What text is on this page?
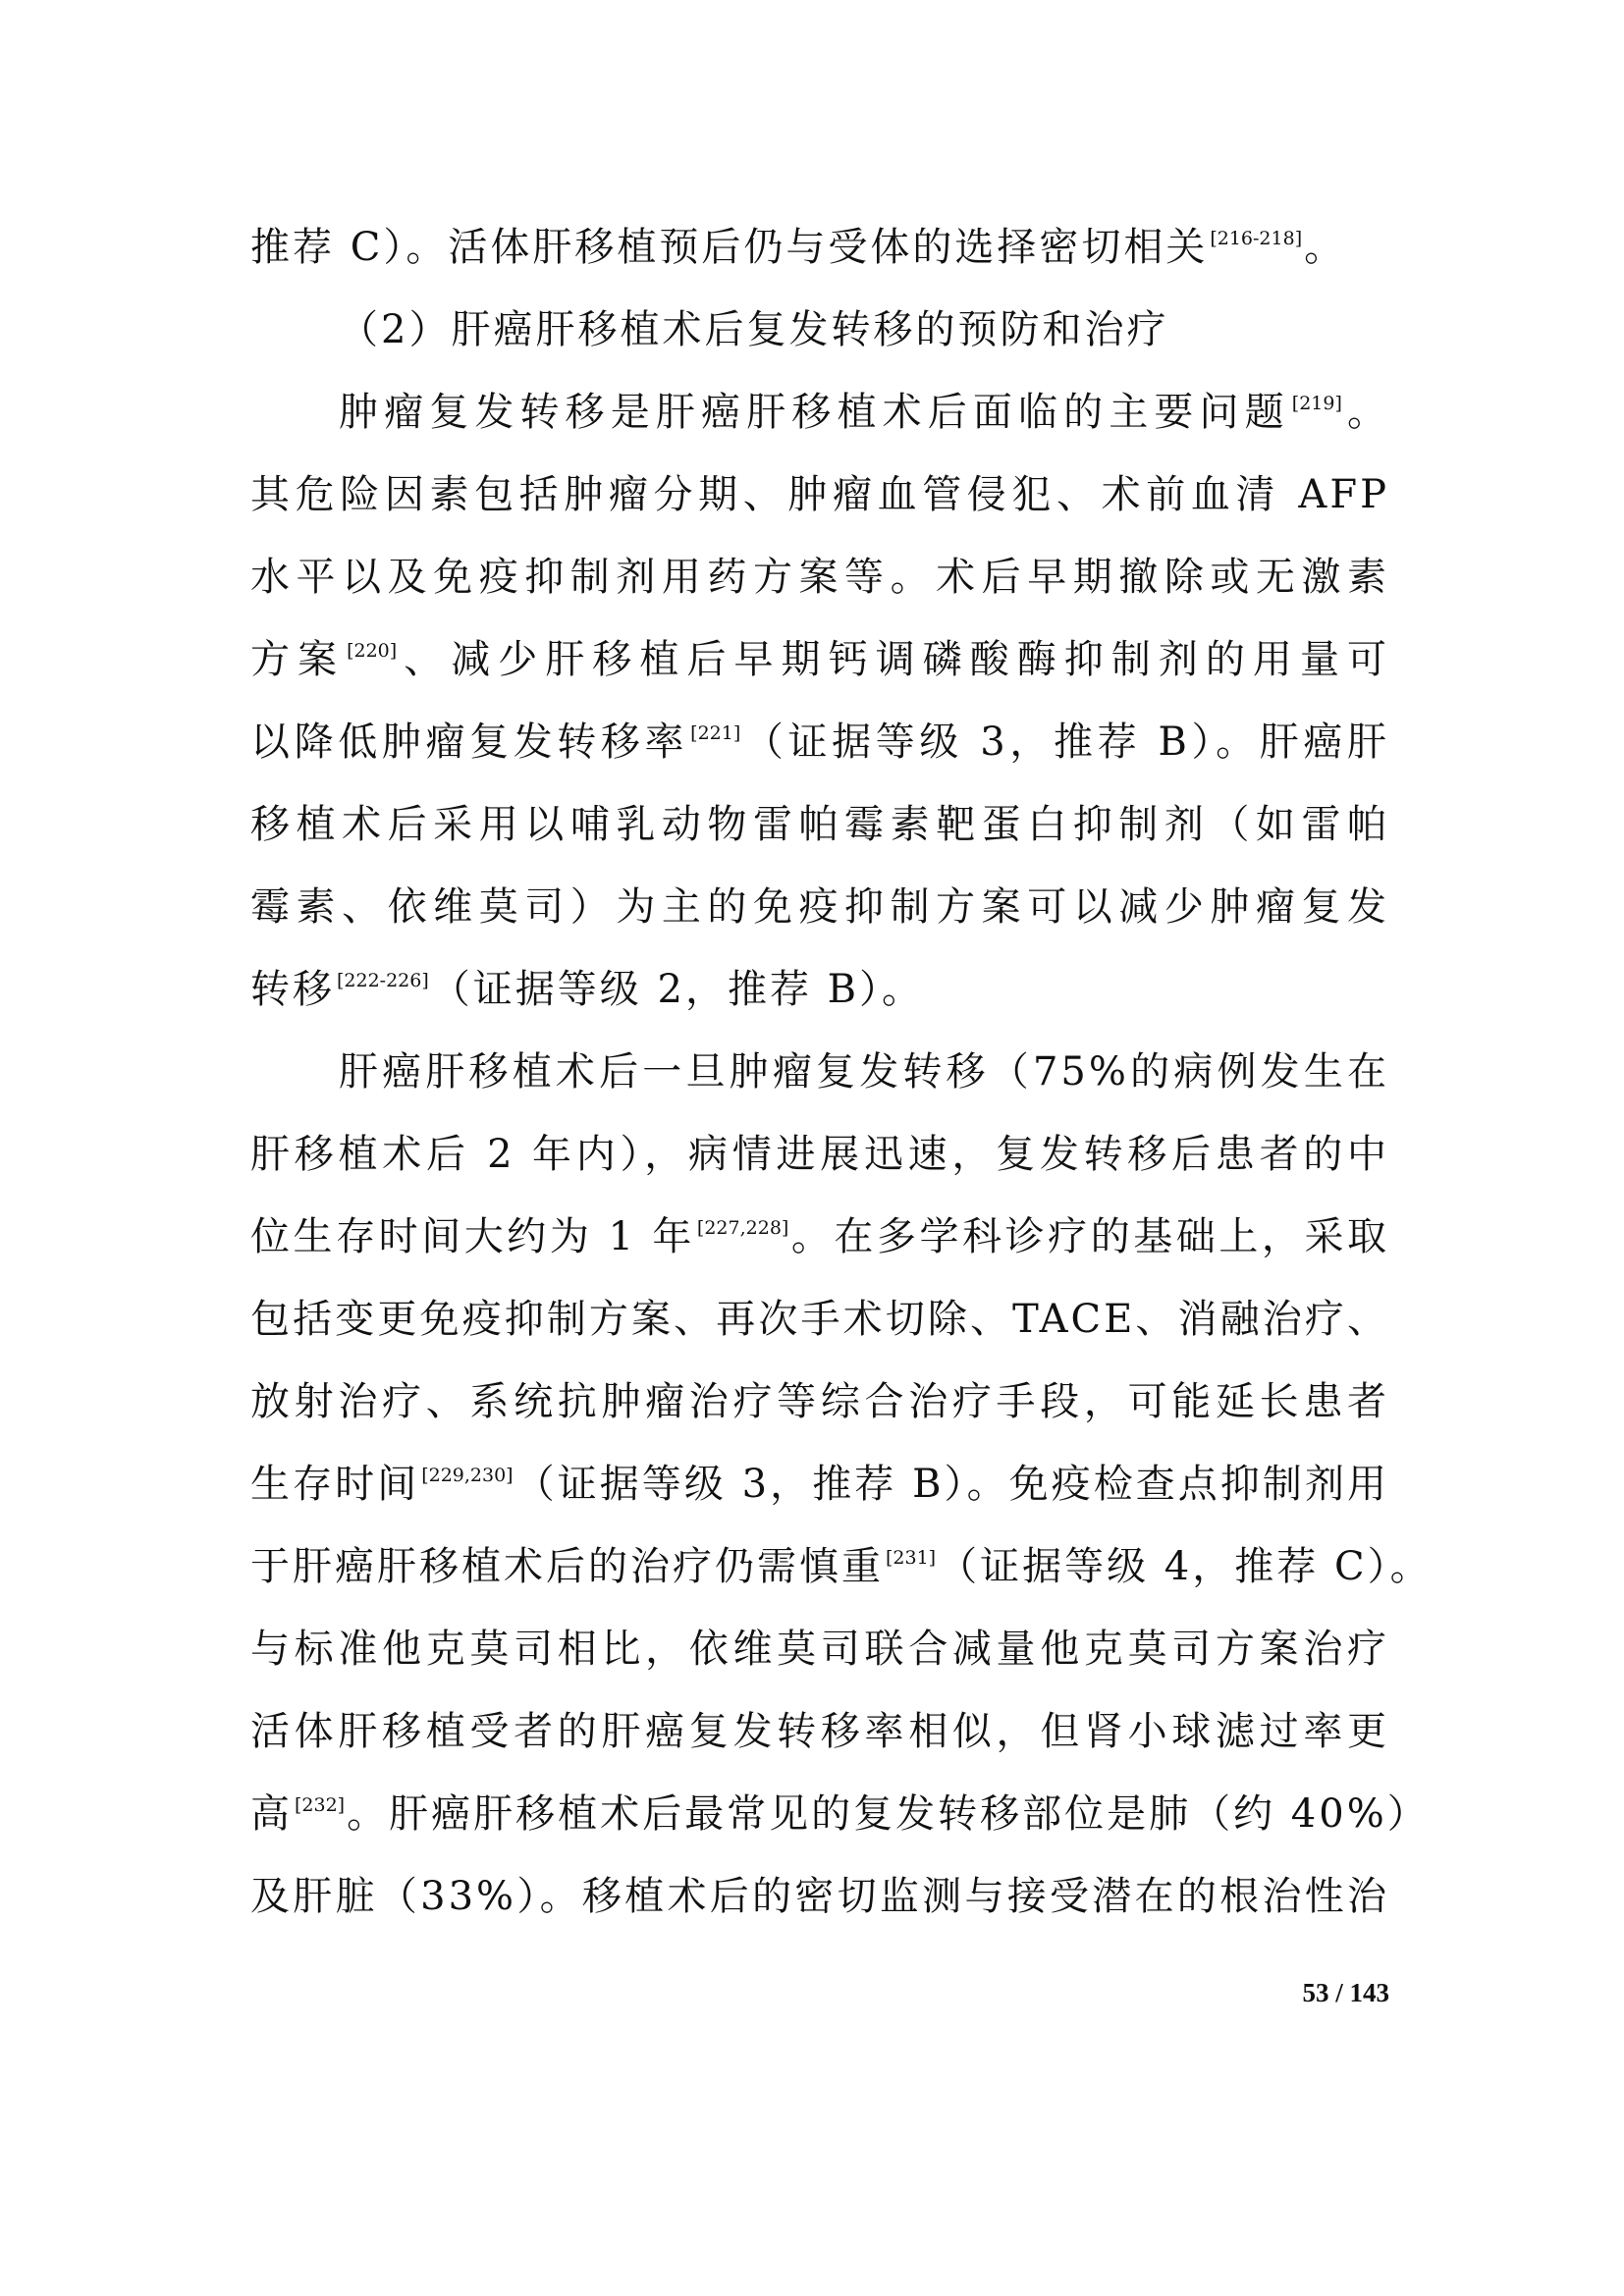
推荐 C）。活体肝移植预后仍与受体的选择密切相关 [216-218]。
（2）肝癌肝移植术后复发转移的预防和治疗
肿瘤复发转移是肝癌肝移植术后面临的主要问题 [219]。
其危险因素包括肿瘤分期、肿瘤血管侵犯、术前血清 AFP
水平以及免疫抑制剂用药方案等。术后早期撤除或无激素
方案 [220]、减少肝移植后早期钙调磷酸酶抑制剂的用量可
以降低肿瘤复发转移率 [221]（证据等级 3，推荐 B）。肝癌肝
移植术后采用以哺乳动物雷帕霉素靶蛋白抑制剂（如雷帕
霉素、依维莫司）为主的免疫抑制方案可以减少肿瘤复发
转移 [222-226]（证据等级 2，推荐 B）。
肝癌肝移植术后一旦肿瘤复发转移（75%的病例发生在
肝移植术后 2 年内），病情进展迅速，复发转移后患者的中
位生存时间大约为 1 年 [227,228]。在多学科诊疗的基础上，采取
包括变更免疫抑制方案、再次手术切除、TACE、消融治疗、
放射治疗、系统抗肿瘤治疗等综合治疗手段，可能延长患者
生存时间 [229,230]（证据等级 3，推荐 B）。免疫检查点抑制剂用
于肝癌肝移植术后的治疗仍需慎重 [231]（证据等级 4，推荐 C）。
与标准他克莫司相比，依维莫司联合减量他克莫司方案治疗
活体肝移植受者的肝癌复发转移率相似，但肾小球滤过率更
高 [232]。肝癌肝移植术后最常见的复发转移部位是肺（约 40%）
及肝脏（33%）。移植术后的密切监测与接受潜在的根治性治
53 / 143
